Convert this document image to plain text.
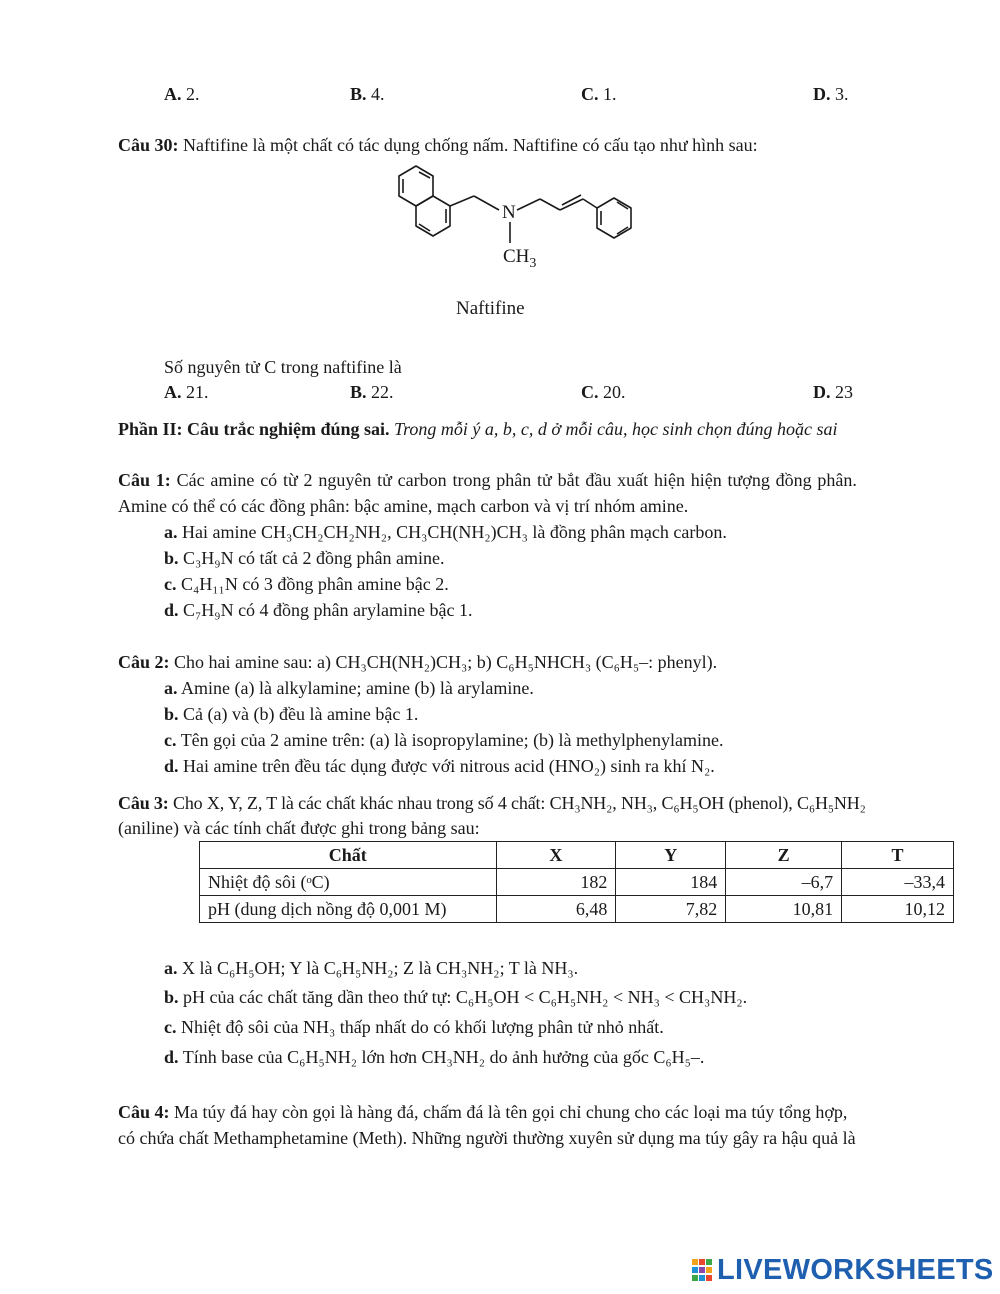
A. 2.	B. 4.	C. 1.	D. 3.
Câu 30: Naftifine là một chất có tác dụng chống nấm. Naftifine có cấu tạo như hình sau:
N
$CH_3$
Naftifine
Số nguyên tử C trong naftifine là
A. 21.	B. 22.	C. 20.	D. 23
Phần II: Câu trắc nghiệm đúng sai. Trong mỗi ý a, b, c, d ở mỗi câu, học sinh chọn đúng hoặc sai
Câu 1: Các amine có từ 2 nguyên tử carbon trong phân tử bắt đầu xuất hiện hiện tượng đồng phân.
Amine có thể có các đồng phân: bậc amine, mạch carbon và vị trí nhóm amine.
a. Hai amine CH₃CH₂CH₂NH₂, CH₃CH(NH₂)CH₃ là đồng phân mạch carbon.
b. C₃H₉N có tất cả 2 đồng phân amine.
c. C₄H₁₁N có 3 đồng phân amine bậc 2.
d. C₇H₉N có 4 đồng phân arylamine bậc 1.
Câu 2: Cho hai amine sau: a) CH₃CH(NH₂)CH₃; b) C₆H₅NHCH₃ (C₆H₅–: phenyl).
a. Amine (a) là alkylamine; amine (b) là arylamine.
b. Cả (a) và (b) đều là amine bậc 1.
c. Tên gọi của 2 amine trên: (a) là isopropylamine; (b) là methylphenylamine.
d. Hai amine trên đều tác dụng được với nitrous acid (HNO₂) sinh ra khí N₂.
Câu 3: Cho X, Y, Z, T là các chất khác nhau trong số 4 chất: CH₃NH₂, NH₃, C₆H₅OH (phenol), C₆H₅NH₂
(aniline) và các tính chất được ghi trong bảng sau:
Chất	X	Y	Z	T
Nhiệt độ sôi (ᵒC)	182	184	–6,7	–33,4
pH (dung dịch nồng độ 0,001 M)	6,48	7,82	10,81	10,12
a. X là C₆H₅OH; Y là C₆H₅NH₂; Z là CH₃NH₂; T là NH₃.
b. pH của các chất tăng dần theo thứ tự: C₆H₅OH < C₆H₅NH₂ < NH₃ < CH₃NH₂.
c. Nhiệt độ sôi của NH₃ thấp nhất do có khối lượng phân tử nhỏ nhất.
d. Tính base của C₆H₅NH₂ lớn hơn CH₃NH₂ do ảnh hưởng của gốc C₆H₅–.
Câu 4: Ma túy đá hay còn gọi là hàng đá, chấm đá là tên gọi chỉ chung cho các loại ma túy tổng hợp,
có chứa chất Methamphetamine (Meth). Những người thường xuyên sử dụng ma túy gây ra hậu quả là
LIVEWORKSHEETS
